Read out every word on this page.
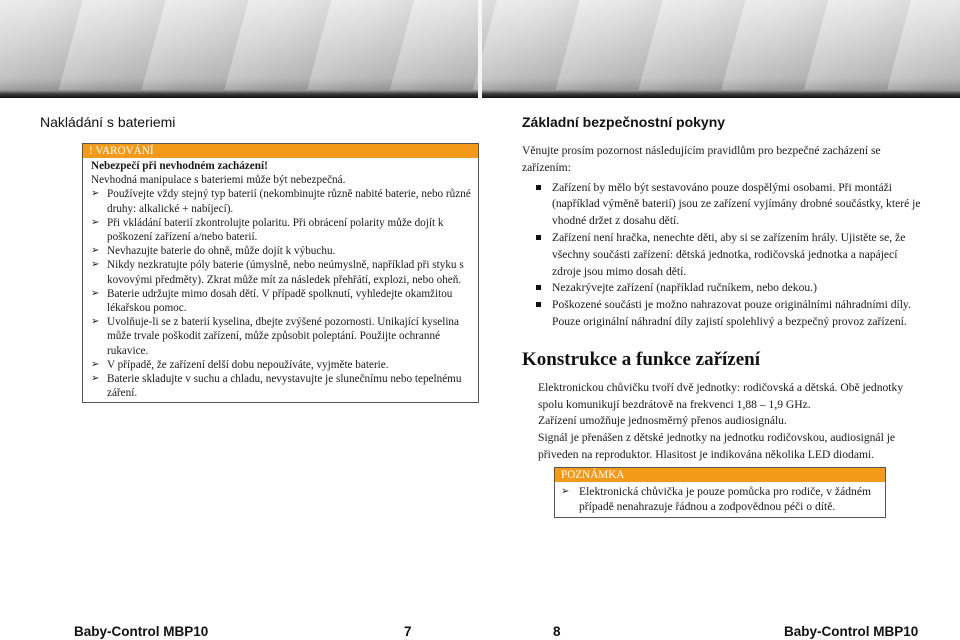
Nakládání s bateriemi
! VAROVÁNÍ
Nebezpečí při nevhodném zacházení!
Nevhodná manipulace s bateriemi může být nebezpečná.
➢ Používejte vždy stejný typ baterií (nekombinujte různě nabité baterie, nebo různé druhy: alkalické + nabíjecí).
➢ Při vkládání baterií zkontrolujte polaritu. Při obrácení polarity může dojít k poškození zařízení a/nebo baterií.
➢ Nevhazujte baterie do ohně, může dojít k výbuchu.
➢ Nikdy nezkratujte póly baterie (úmyslně, nebo neúmyslně, například při styku s kovovými předměty). Zkrat může mít za následek přehřátí, explozi, nebo oheň.
➢ Baterie udržujte mimo dosah dětí. V případě spolknutí, vyhledejte okamžitou lékařskou pomoc.
➢ Uvolňuje-li se z baterií kyselina, dbejte zvýšené pozornosti. Unikající kyselina může trvale poškodit zařízení, může způsobit poleptání. Použijte ochranné rukavice.
➢ V případě, že zařízení delší dobu nepoužíváte, vyjměte baterie.
➢ Baterie skladujte v suchu a chladu, nevystavujte je slunečnímu nebo tepelnému záření.
Základní bezpečnostní pokyny

Věnujte prosím pozornost následujícím pravidlům pro bezpečné zacházení se zařízením:

Zařízení by mělo být sestavováno pouze dospělými osobami. Při montáži (například výměně baterií) jsou ze zařízení vyjímány drobné součástky, které je vhodné držet z dosahu dětí.
Zařízení není hračka, nenechte děti, aby si se zařízením hrály. Ujistěte se, že všechny součásti zařízení: dětská jednotka, rodičovská jednotka a napájecí zdroje jsou mimo dosah dětí.
Nezakrývejte zařízení (například ručníkem, nebo dekou.)
Poškozené součásti je možno nahrazovat pouze originálními náhradními díly. Pouze originální náhradní díly zajistí spolehlivý a bezpečný provoz zařízení.
Konstrukce a funkce zařízení
Elektronickou chůvičku tvoří dvě jednotky: rodičovská a dětská. Obě jednotky spolu komunikují bezdrátově na frekvenci 1,88 – 1,9 GHz.
Zařízení umožňuje jednosměrný přenos audiosignálu.
Signál je přenášen z dětské jednotky na jednotku rodičovskou, audiosignál je přiveden na reproduktor. Hlasitost je indikována několika LED diodami.
POZNÁMKA
➢ Elektronická chůvička je pouze pomůcka pro rodiče, v žádném případě nenahrazuje řádnou a zodpovědnou péči o dítě.
Baby-Control MBP10	7	8	Baby-Control MBP10
